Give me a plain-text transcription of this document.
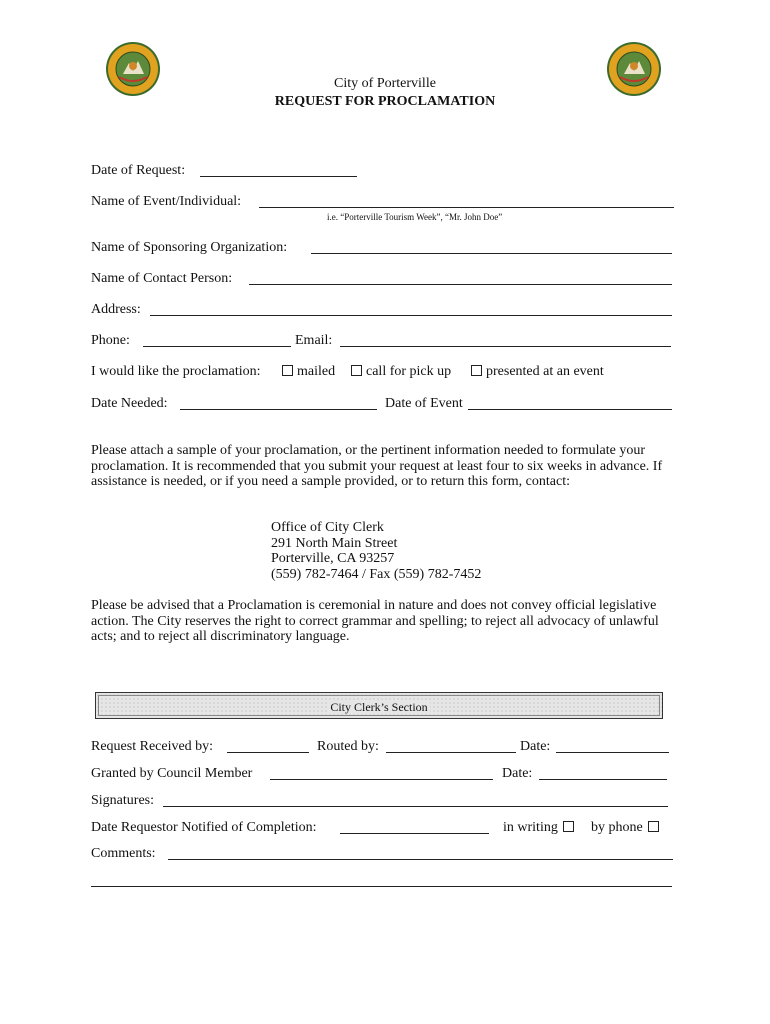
City of Porterville
REQUEST FOR PROCLAMATION
Date of Request:
Name of Event/Individual:
i.e. “Porterville Tourism Week”, “Mr. John Doe”
Name of Sponsoring Organization:
Name of Contact Person:
Address:
Phone:	Email:
I would like the proclamation:	mailed	call for pick up	presented at an event
Date Needed:	Date of Event
Please attach a sample of your proclamation, or the pertinent information needed to formulate your proclamation. It is recommended that you submit your request at least four to six weeks in advance. If assistance is needed, or if you need a sample provided, or to return this form, contact:
Office of City Clerk
291 North Main Street
Porterville, CA 93257
(559) 782-7464 / Fax (559) 782-7452
Please be advised that a Proclamation is ceremonial in nature and does not convey official legislative action. The City reserves the right to correct grammar and spelling; to reject all advocacy of unlawful acts; and to reject all discriminatory language.
City Clerk’s Section
Request Received by:	Routed by:	Date:
Granted by Council Member	Date:
Signatures:
Date Requestor Notified of Completion:	in writing	by phone
Comments:
